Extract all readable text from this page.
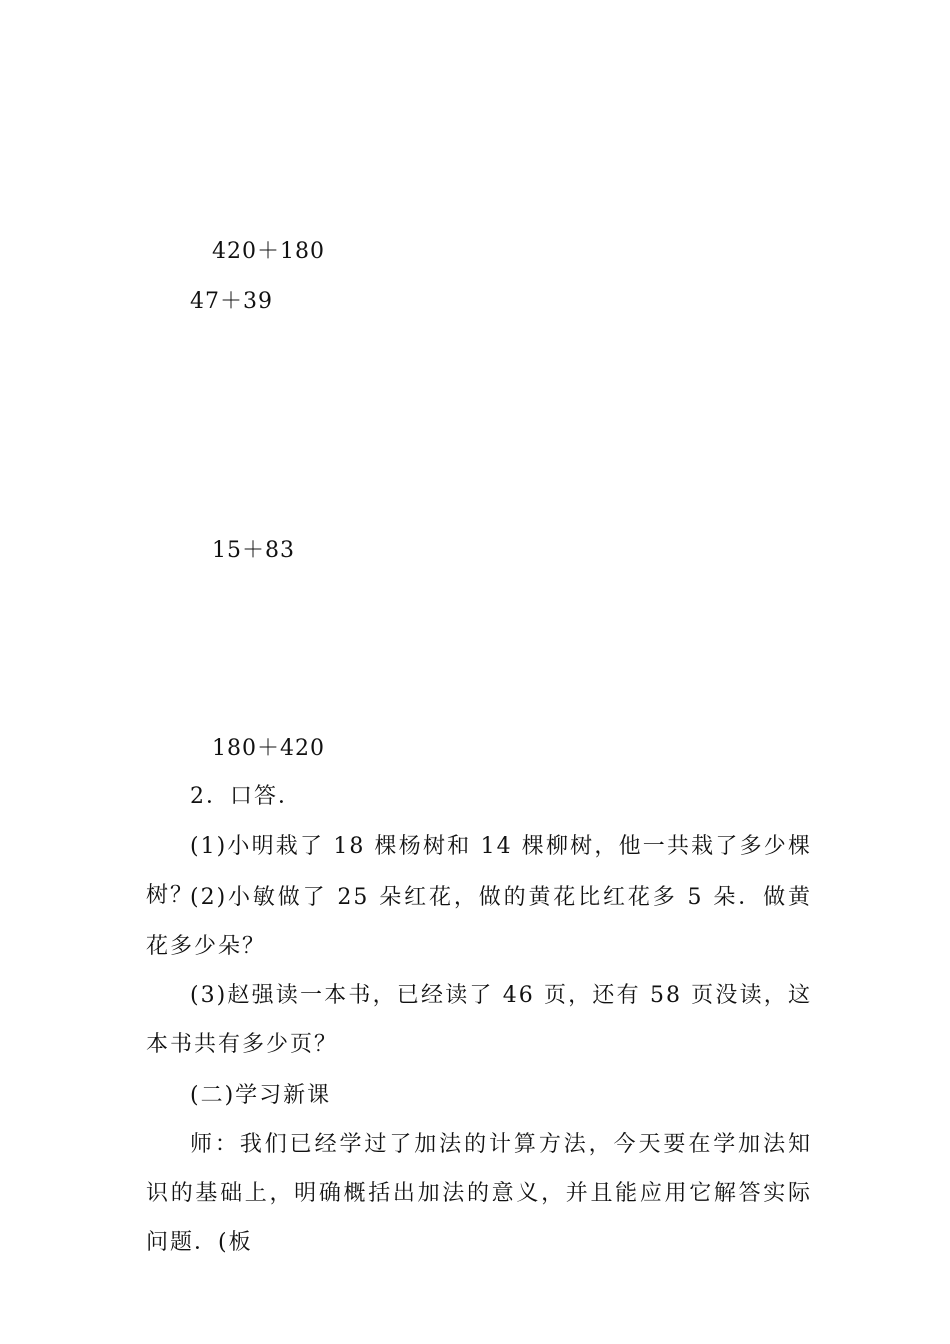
420＋180
47＋39
15＋83
180＋420

2．口答．

(1)小明栽了 18 棵杨树和 14 棵柳树，他一共栽了多少棵树？

(2)小敏做了 25 朵红花，做的黄花比红花多 5 朵．做黄花多少朵？

(3)赵强读一本书，已经读了 46 页，还有 58 页没读，这本书共有多少页？

(二)学习新课

师：我们已经学过了加法的计算方法，今天要在学加法知识的基础上，明确概括出加法的意义，并且能应用它解答实际问题．(板
